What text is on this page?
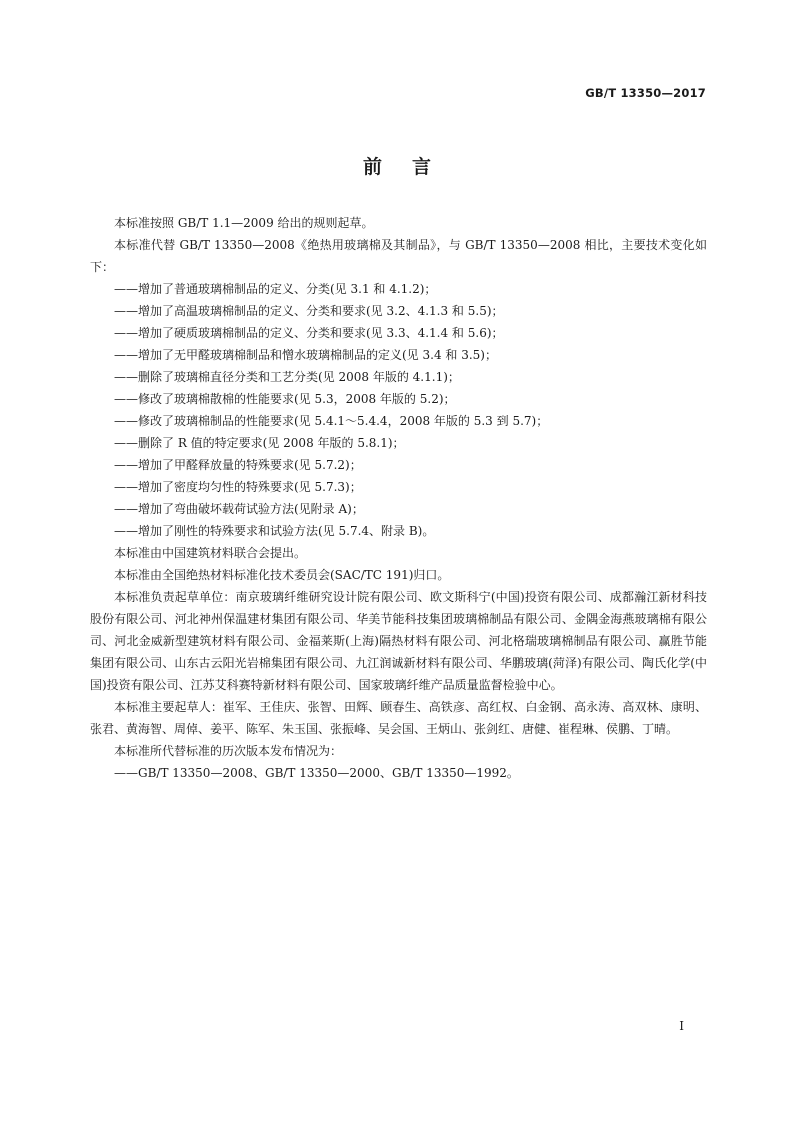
GB/T 13350—2017
前言

本标准按照 GB/T 1.1—2009 给出的规则起草。

本标准代替 GB/T 13350—2008《绝热用玻璃棉及其制品》，与 GB/T 13350—2008 相比，主要技术变化如下：

——增加了普通玻璃棉制品的定义、分类(见 3.1 和 4.1.2)；

——增加了高温玻璃棉制品的定义、分类和要求(见 3.2、4.1.3 和 5.5)；

——增加了硬质玻璃棉制品的定义、分类和要求(见 3.3、4.1.4 和 5.6)；

——增加了无甲醛玻璃棉制品和憎水玻璃棉制品的定义(见 3.4 和 3.5)；

——删除了玻璃棉直径分类和工艺分类(见 2008 年版的 4.1.1)；

——修改了玻璃棉散棉的性能要求(见 5.3，2008 年版的 5.2)；

——修改了玻璃棉制品的性能要求(见 5.4.1～5.4.4，2008 年版的 5.3 到 5.7)；

——删除了 R 值的特定要求(见 2008 年版的 5.8.1)；

——增加了甲醛释放量的特殊要求(见 5.7.2)；

——增加了密度均匀性的特殊要求(见 5.7.3)；

——增加了弯曲破坏载荷试验方法(见附录 A)；

——增加了刚性的特殊要求和试验方法(见 5.7.4、附录 B)。

本标准由中国建筑材料联合会提出。

本标准由全国绝热材料标准化技术委员会(SAC/TC 191)归口。

本标准负责起草单位：南京玻璃纤维研究设计院有限公司、欧文斯科宁(中国)投资有限公司、成都瀚江新材科技股份有限公司、河北神州保温建材集团有限公司、华美节能科技集团玻璃棉制品有限公司、金隅金海燕玻璃棉有限公司、河北金威新型建筑材料有限公司、金福莱斯(上海)隔热材料有限公司、河北格瑞玻璃棉制品有限公司、赢胜节能集团有限公司、山东古云阳光岩棉集团有限公司、九江润诚新材料有限公司、华鹏玻璃(菏泽)有限公司、陶氏化学(中国)投资有限公司、江苏艾科赛特新材料有限公司、国家玻璃纤维产品质量监督检验中心。

本标准主要起草人：崔军、王佳庆、张智、田辉、顾春生、高铁彦、高红权、白金钢、高永涛、高双林、康明、张君、黄海智、周倬、姜平、陈军、朱玉国、张振峰、吴会国、王炳山、张剑红、唐健、崔程琳、侯鹏、丁晴。

本标准所代替标准的历次版本发布情况为：

——GB/T 13350—2008、GB/T 13350—2000、GB/T 13350—1992。

I
